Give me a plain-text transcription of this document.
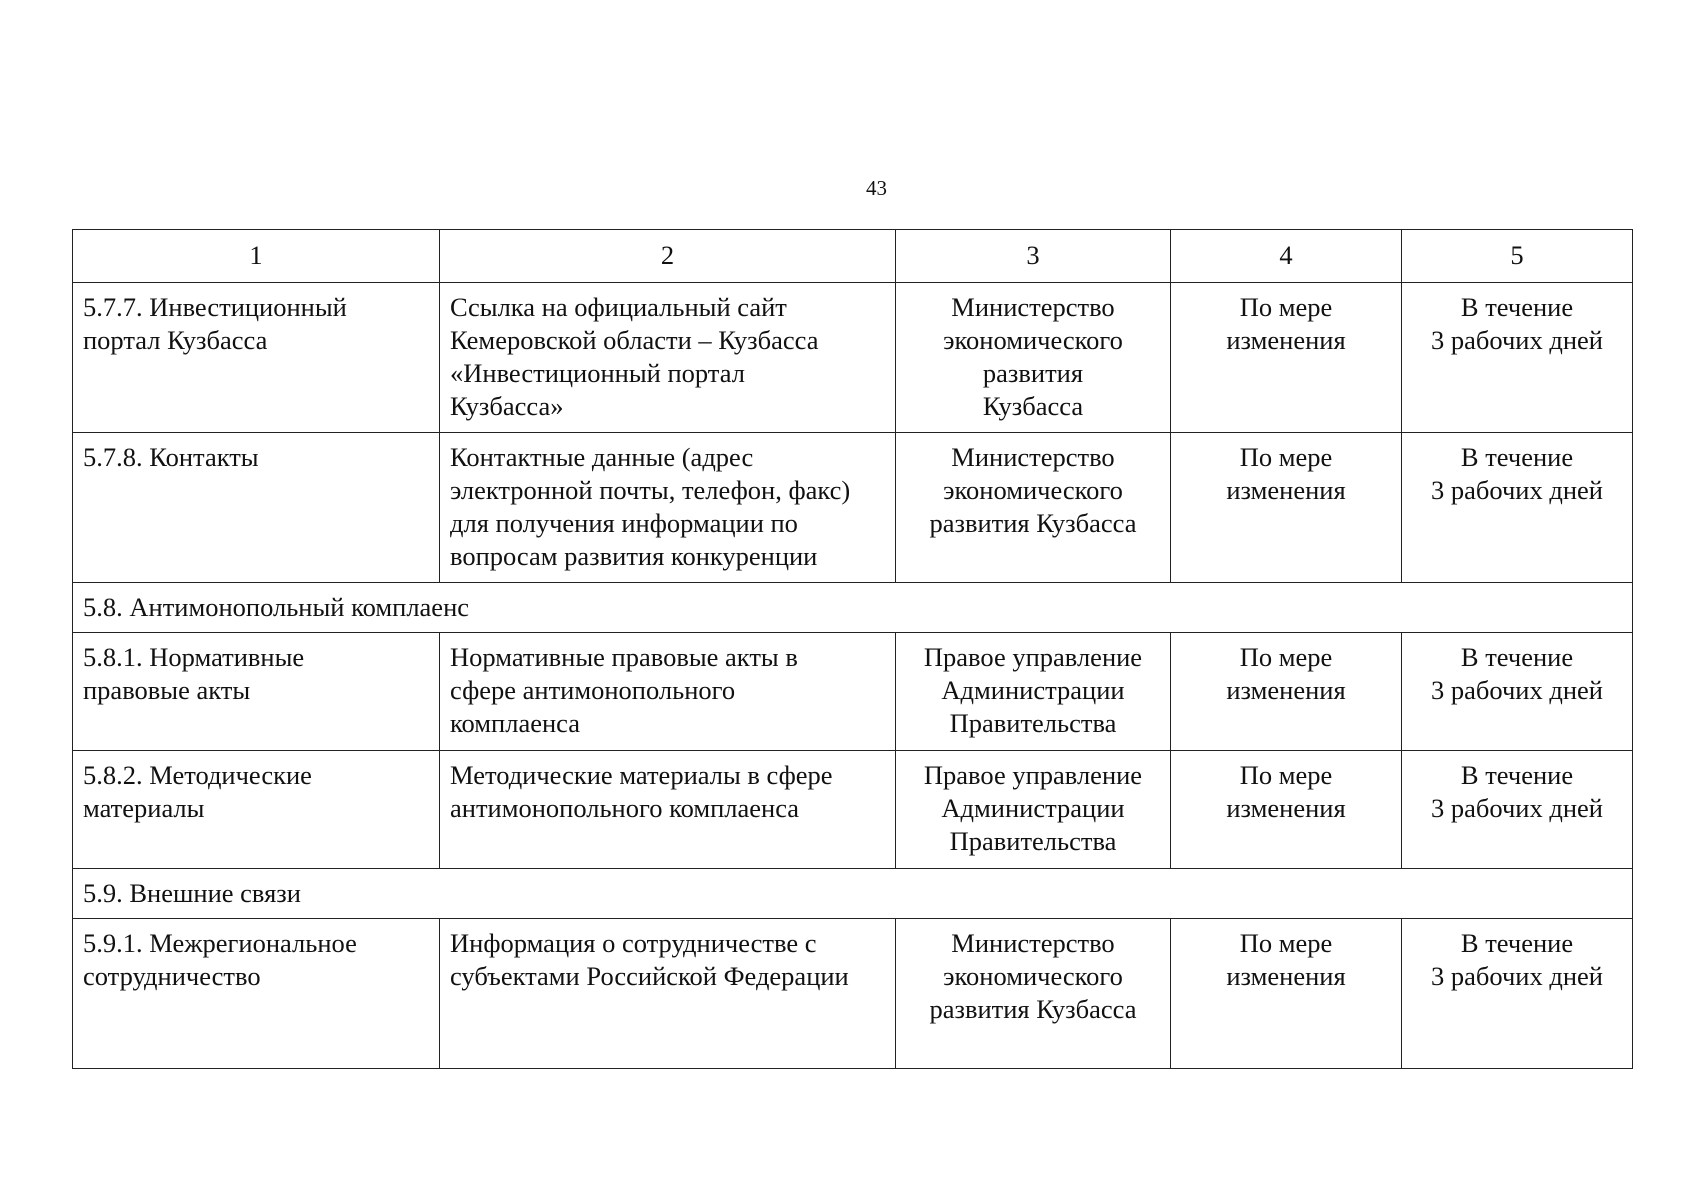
43
1	2	3	4	5
5.7.7. Инвестиционный
портал Кузбасса	Ссылка на официальный сайт
Кемеровской области – Кузбасса
«Инвестиционный портал
Кузбасса»	Министерство
экономического
развития
Кузбасса	По мере
изменения	В течение
3 рабочих дней
5.7.8. Контакты	Контактные данные (адрес
электронной почты, телефон, факс)
для получения информации по
вопросам развития конкуренции	Министерство
экономического
развития Кузбасса	По мере
изменения	В течение
3 рабочих дней
5.8. Антимонопольный комплаенс				
5.8.1. Нормативные
правовые акты	Нормативные правовые акты в
сфере антимонопольного
комплаенса	Правое управление
Администрации
Правительства	По мере
изменения	В течение
3 рабочих дней
5.8.2. Методические
материалы	Методические материалы в сфере
антимонопольного комплаенса	Правое управление
Администрации
Правительства	По мере
изменения	В течение
3 рабочих дней
5.9. Внешние связи				
5.9.1. Межрегиональное
сотрудничество	Информация о сотрудничестве с
субъектами Российской Федерации	Министерство
экономического
развития Кузбасса	По мере
изменения	В течение
3 рабочих дней
